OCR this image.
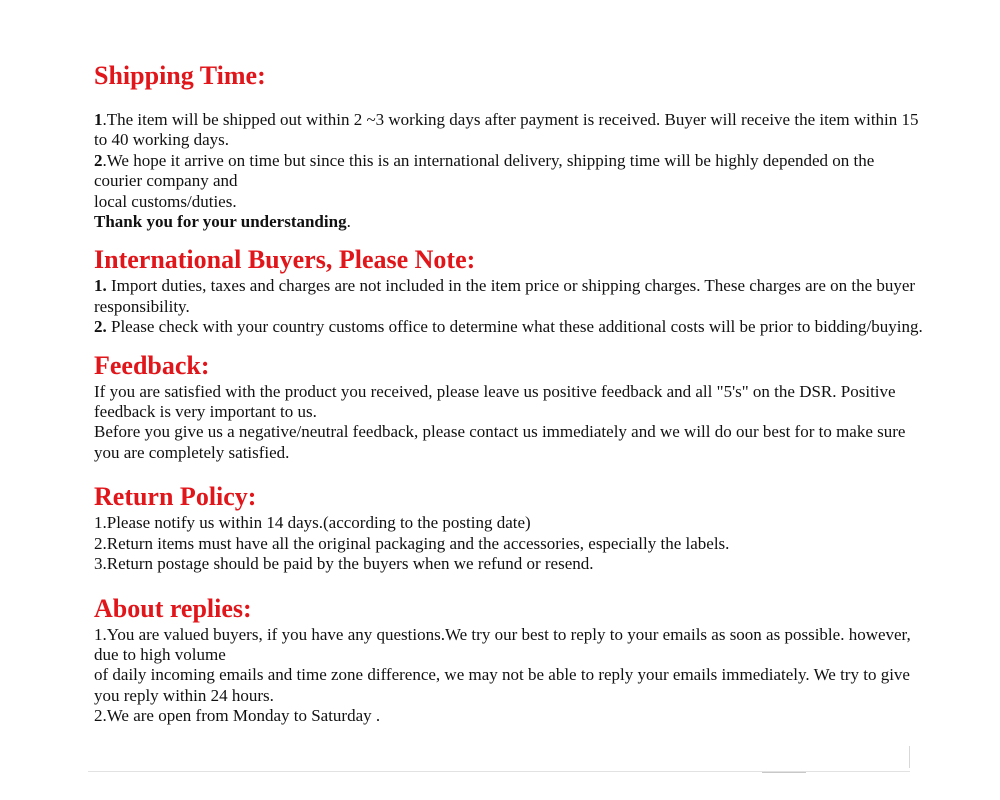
Shipping Time:

1.The item will be shipped out within 2 ~3 working days after payment is received. Buyer will receive the item within 15 to 40 working days.

2.We hope it arrive on time but since this is an international delivery, shipping time will be highly depended on the courier company and

local customs/duties.

Thank you for your understanding.

International Buyers, Please Note:

1. Import duties, taxes and charges are not included in the item price or shipping charges. These charges are on the buyer responsibility.

2. Please check with your country customs office to determine what these additional costs will be prior to bidding/buying.

Feedback:

If you are satisfied with the product you received, please leave us positive feedback and all "5's" on the DSR. Positive feedback is very important to us.

Before you give us a negative/neutral feedback, please contact us immediately and we will do our best for to make sure you are completely satisfied.

Return Policy:

1.Please notify us within 14 days.(according to the posting date)

2.Return items must have all the original packaging and the accessories, especially the labels.

3.Return postage should be paid by the buyers when we refund or resend.

About replies:

1.You are valued buyers, if you have any questions.We try our best to reply to your emails as soon as possible. however, due to high volume

of daily incoming emails and time zone difference, we may not be able to reply your emails immediately. We try to give you reply within 24 hours.

2.We are open from Monday to Saturday .
